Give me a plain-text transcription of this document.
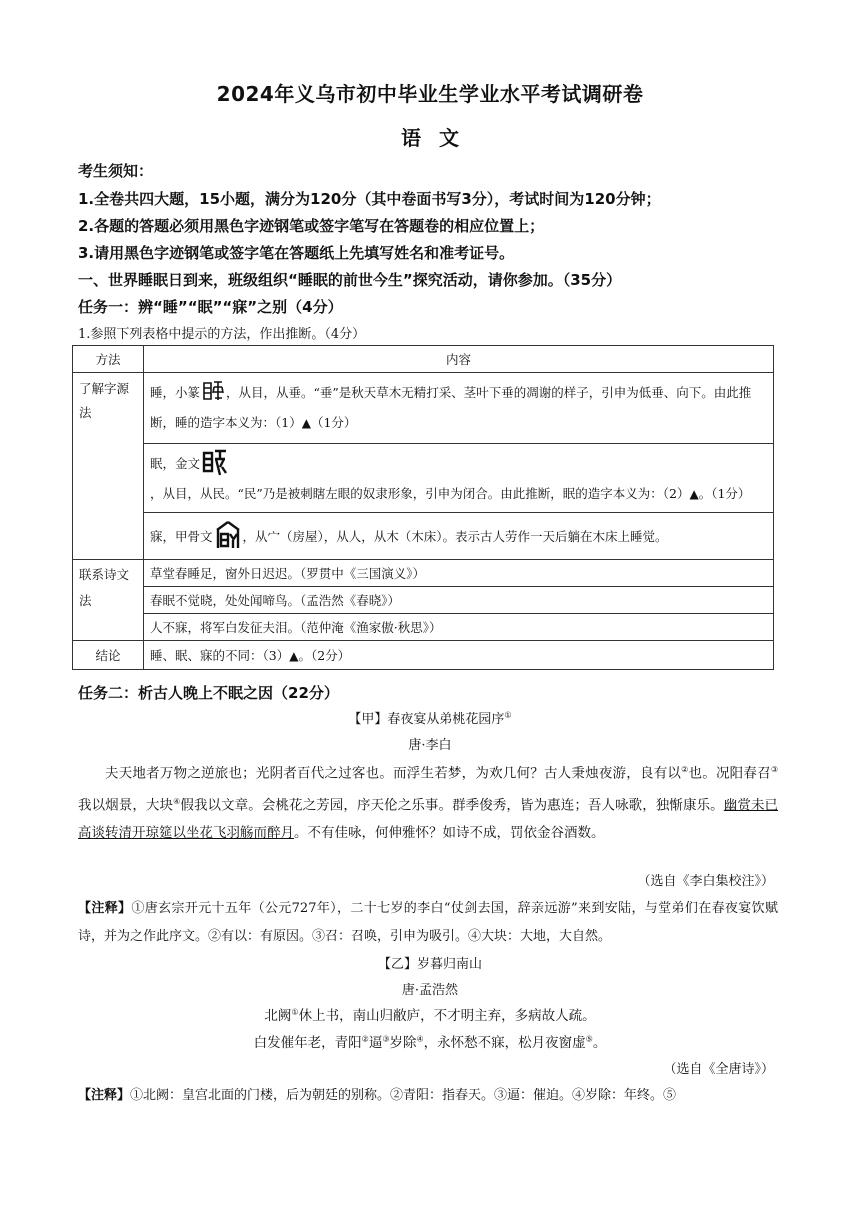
2024年义乌市初中毕业生学业水平考试调研卷
语文
考生须知：
1.全卷共四大题，15小题，满分为120分（其中卷面书写3分），考试时间为120分钟；
2.各题的答题必须用黑色字迹钢笔或签字笔写在答题卷的相应位置上；
3.请用黑色字迹钢笔或签字笔在答题纸上先填写姓名和准考证号。
一、世界睡眠日到来，班级组织“睡眠的前世今生”探究活动，请你参加。（35分）
任务一：辨“睡”“眠”“寐”之别（4分）
1.参照下列表格中提示的方法，作出推断。（4分）
方法	内容
了解字源法	睡，小篆 ，从目，从垂。“垂”是秋天草木无精打采、茎叶下垂的凋谢的样子，引申为低垂、向下。由此推断，睡的造字本义为：（1）▲（1分）
	眠，金文，从目，从民。“民”乃是被刺瞎左眼的奴隶形象，引申为闭合。由此推断，眠的造字本义为：（2）▲。（1分）
	寐，甲骨文 ，从宀（房屋），从人，从木（木床）。表示古人劳作一天后躺在木床上睡觉。
联系诗文法	草堂春睡足，窗外日迟迟。（罗贯中《三国演义》）
	春眠不觉晓，处处闻啼鸟。（孟浩然《春晓》）
	人不寐，将军白发征夫泪。（范仲淹《渔家傲·秋思》）
结论	睡、眠、寐的不同：（3）▲。（2分）
任务二：析古人晚上不眠之因（22分）
【甲】春夜宴从弟桃花园序①
唐·李白
夫天地者万物之逆旅也；光阴者百代之过客也。而浮生若梦，为欢几何？古人秉烛夜游，良有以②也。况阳春召③我以烟景，大块④假我以文章。会桃花之芳园，序天伦之乐事。群季俊秀，皆为惠连；吾人咏歌，独惭康乐。幽赏未已高谈转清开琼筵以坐花飞羽觞而醉月。不有佳咏，何伸雅怀？如诗不成，罚依金谷酒数。
（选自《李白集校注》）
【注释】①唐玄宗开元十五年（公元727年），二十七岁的李白“仗剑去国，辞亲远游”来到安陆，与堂弟们在春夜宴饮赋诗，并为之作此序文。②有以：有原因。③召：召唤，引申为吸引。④大块：大地，大自然。
【乙】岁暮归南山
唐·孟浩然
北阙①休上书，南山归敝庐，不才明主弃，多病故人疏。
白发催年老，青阳②逼③岁除④，永怀愁不寐，松月夜窗虚⑤。
（选自《全唐诗》）
【注释】①北阙：皇宫北面的门楼，后为朝廷的别称。②青阳：指春天。③逼：催迫。④岁除：年终。⑤
